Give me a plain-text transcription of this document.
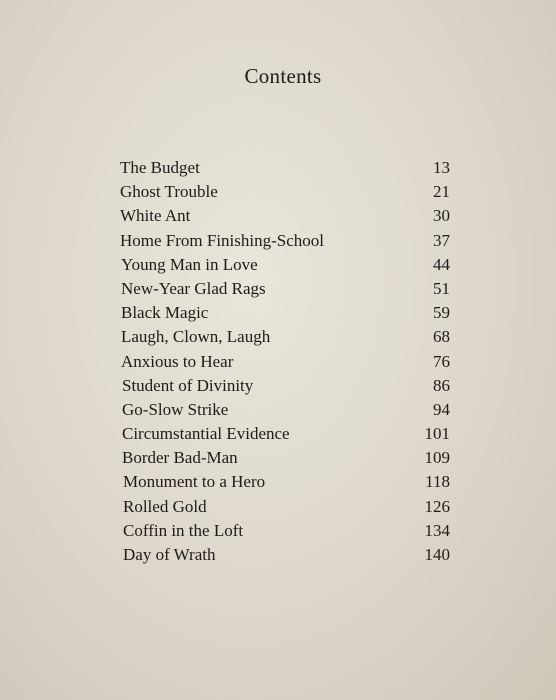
Contents
The Budget	13
Ghost Trouble	21
White Ant	30
Home From Finishing-School	37
Young Man in Love	44
New-Year Glad Rags	51
Black Magic	59
Laugh, Clown, Laugh	68
Anxious to Hear	76
Student of Divinity	86
Go-Slow Strike	94
Circumstantial Evidence	101
Border Bad-Man	109
Monument to a Hero	118
Rolled Gold	126
Coffin in the Loft	134
Day of Wrath	140
